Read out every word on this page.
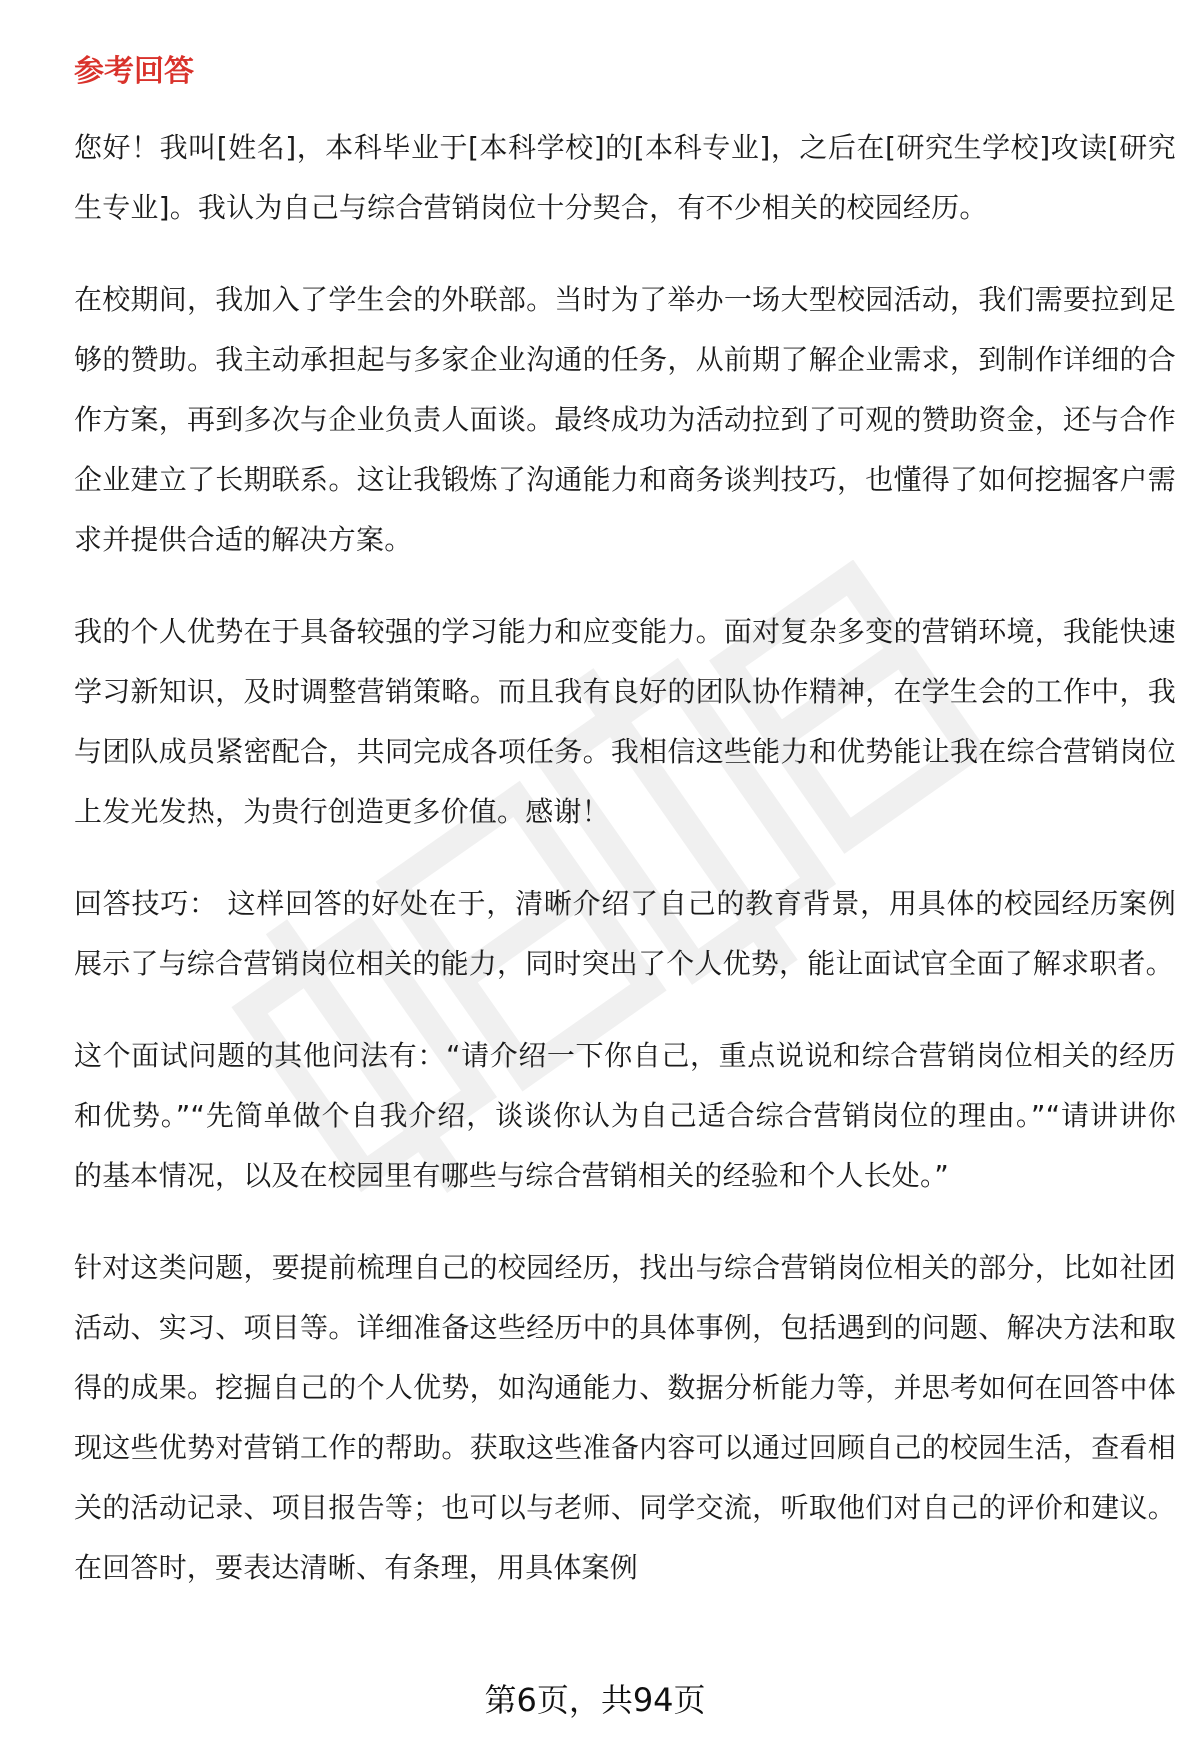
参考回答

您好！我叫[姓名]，本科毕业于[本科学校]的[本科专业]，之后在[研究生学校]攻读[研究生专业]。我认为自己与综合营销岗位十分契合，有不少相关的校园经历。

在校期间，我加入了学生会的外联部。当时为了举办一场大型校园活动，我们需要拉到足够的赞助。我主动承担起与多家企业沟通的任务，从前期了解企业需求，到制作详细的合作方案，再到多次与企业负责人面谈。最终成功为活动拉到了可观的赞助资金，还与合作企业建立了长期联系。这让我锻炼了沟通能力和商务谈判技巧，也懂得了如何挖掘客户需求并提供合适的解决方案。

我的个人优势在于具备较强的学习能力和应变能力。面对复杂多变的营销环境，我能快速学习新知识，及时调整营销策略。而且我有良好的团队协作精神，在学生会的工作中，我与团队成员紧密配合，共同完成各项任务。我相信这些能力和优势能让我在综合营销岗位上发光发热，为贵行创造更多价值。感谢！

回答技巧： 这样回答的好处在于，清晰介绍了自己的教育背景，用具体的校园经历案例展示了与综合营销岗位相关的能力，同时突出了个人优势，能让面试官全面了解求职者。

这个面试问题的其他问法有：“请介绍一下你自己，重点说说和综合营销岗位相关的经历和优势。”“先简单做个自我介绍，谈谈你认为自己适合综合营销岗位的理由。”“请讲讲你的基本情况，以及在校园里有哪些与综合营销相关的经验和个人长处。”

针对这类问题，要提前梳理自己的校园经历，找出与综合营销岗位相关的部分，比如社团活动、实习、项目等。详细准备这些经历中的具体事例，包括遇到的问题、解决方法和取得的成果。挖掘自己的个人优势，如沟通能力、数据分析能力等，并思考如何在回答中体现这些优势对营销工作的帮助。获取这些准备内容可以通过回顾自己的校园生活，查看相关的活动记录、项目报告等；也可以与老师、同学交流，听取他们对自己的评价和建议。在回答时，要表达清晰、有条理，用具体案例

第6页，共94页
